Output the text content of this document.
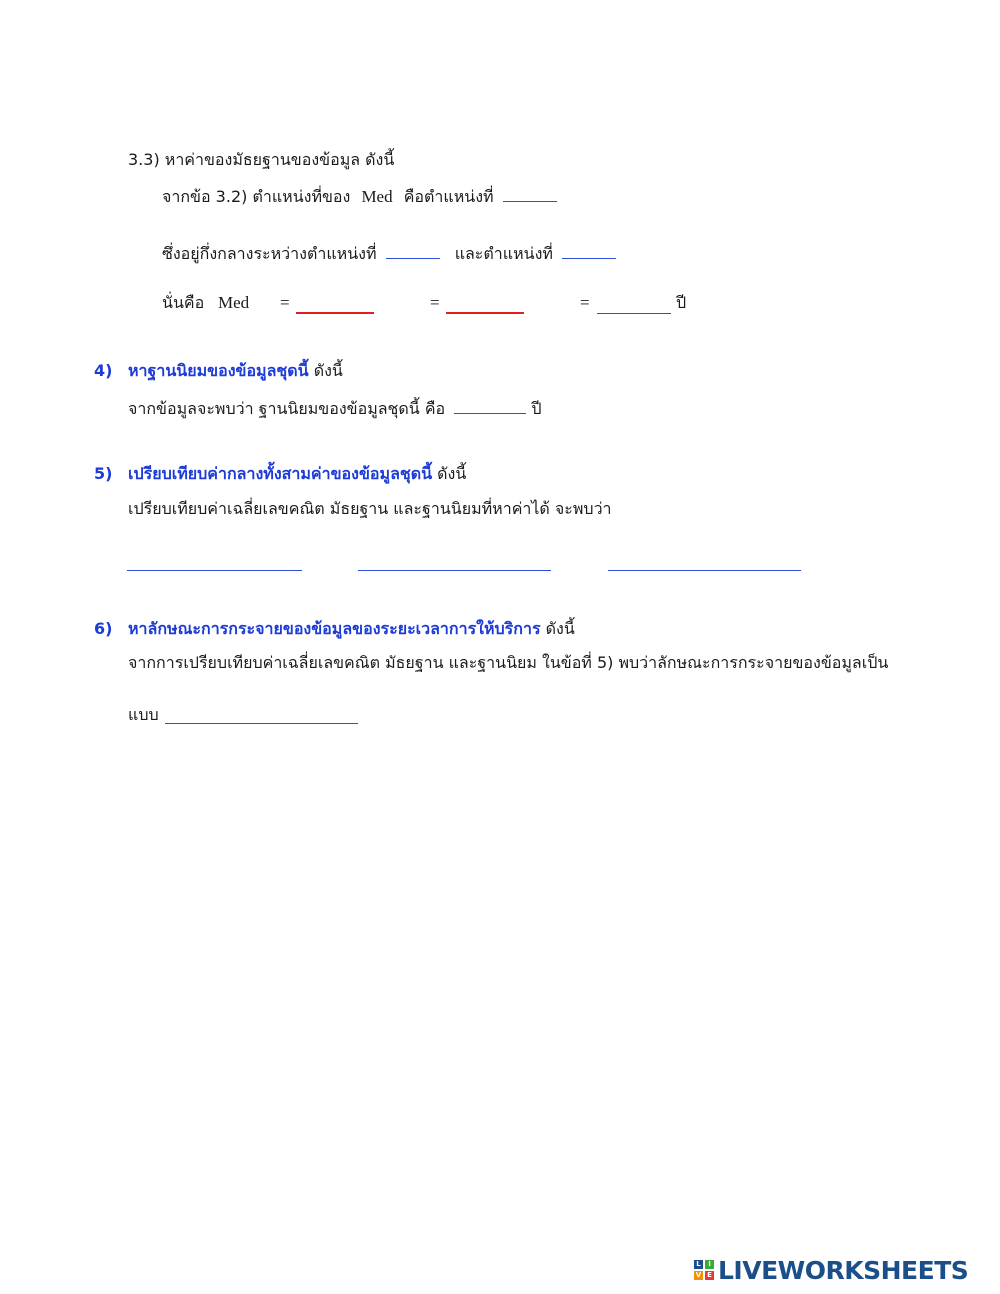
3.3) หาค่าของมัธยฐานของข้อมูล ดังนี้
จากข้อ 3.2) ตำแหน่งที่ของ Med คือตำแหน่งที่
ซึ่งอยู่กึ่งกลางระหว่างตำแหน่งที่	และตำแหน่งที่
นั่นคือ Med =	=	=	ปี
4) หาฐานนิยมของข้อมูลชุดนี้ ดังนี้
จากข้อมูลจะพบว่า ฐานนิยมของข้อมูลชุดนี้ คือ	ปี
5) เปรียบเทียบค่ากลางทั้งสามค่าของข้อมูลชุดนี้ ดังนี้
เปรียบเทียบค่าเฉลี่ยเลขคณิต มัธยฐาน และฐานนิยมที่หาค่าได้ จะพบว่า
6) หาลักษณะการกระจายของข้อมูลของระยะเวลาการให้บริการ ดังนี้
จากการเปรียบเทียบค่าเฉลี่ยเลขคณิต มัธยฐาน และฐานนิยม ในข้อที่ 5) พบว่าลักษณะการกระจายของข้อมูลเป็น
แบบ
L	I
V E LIVEWORKSHEETS
